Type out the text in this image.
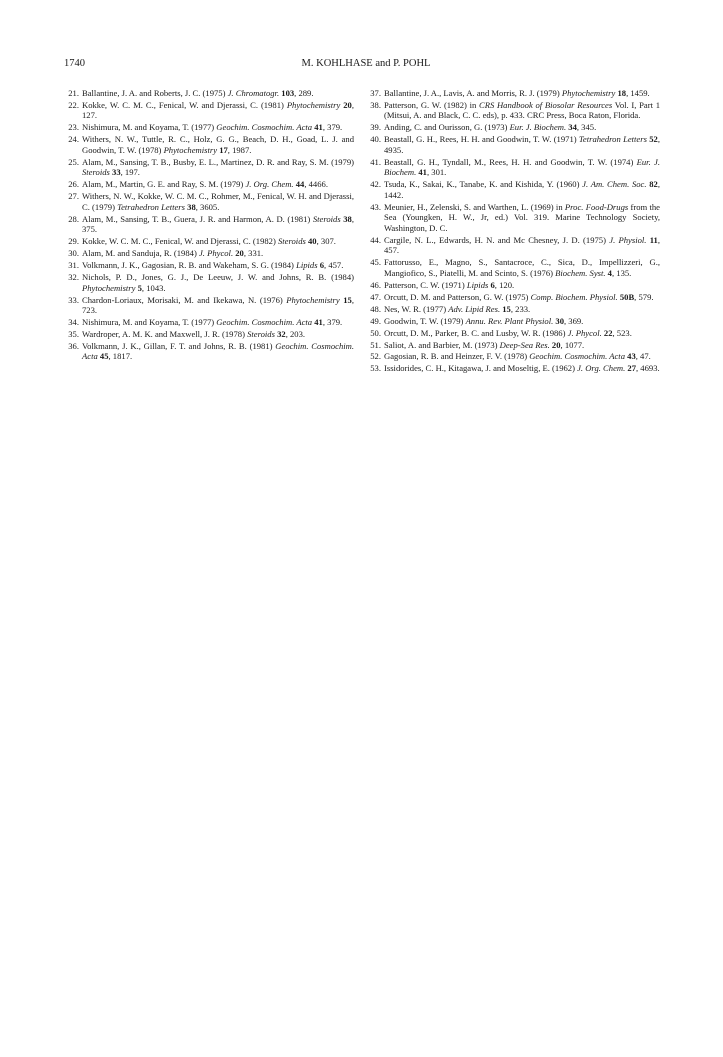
1740	M. KOHLHASE and P. POHL
21. Ballantine, J. A. and Roberts, J. C. (1975) J. Chromatogr. 103, 289.
22. Kokke, W. C. M. C., Fenical, W. and Djerassi, C. (1981) Phytochemistry 20, 127.
23. Nishimura, M. and Koyama, T. (1977) Geochim. Cosmochim. Acta 41, 379.
24. Withers, N. W., Tuttle, R. C., Holz, G. G., Beach, D. H., Goad, L. J. and Goodwin, T. W. (1978) Phytochemistry 17, 1987.
25. Alam, M., Sansing, T. B., Busby, E. L., Martinez, D. R. and Ray, S. M. (1979) Steroids 33, 197.
26. Alam, M., Martin, G. E. and Ray, S. M. (1979) J. Org. Chem. 44, 4466.
27. Withers, N. W., Kokke, W. C. M. C., Rohmer, M., Fenical, W. H. and Djerassi, C. (1979) Tetrahedron Letters 38, 3605.
28. Alam, M., Sansing, T. B., Guera, J. R. and Harmon, A. D. (1981) Steroids 38, 375.
29. Kokke, W. C. M. C., Fenical, W. and Djerassi, C. (1982) Steroids 40, 307.
30. Alam, M. and Sanduja, R. (1984) J. Phycol. 20, 331.
31. Volkmann, J. K., Gagosian, R. B. and Wakeham, S. G. (1984) Lipids 6, 457.
32. Nichols, P. D., Jones, G. J., De Leeuw, J. W. and Johns, R. B. (1984) Phytochemistry 5, 1043.
33. Chardon-Loriaux, Morisaki, M. and Ikekawa, N. (1976) Phytochemistry 15, 723.
34. Nishimura, M. and Koyama, T. (1977) Geochim. Cosmochim. Acta 41, 379.
35. Wardroper, A. M. K. and Maxwell, J. R. (1978) Steroids 32, 203.
36. Volkmann, J. K., Gillan, F. T. and Johns, R. B. (1981) Geochim. Cosmochim. Acta 45, 1817.
37. Ballantine, J. A., Lavis, A. and Morris, R. J. (1979) Phytochemistry 18, 1459.
38. Patterson, G. W. (1982) in CRS Handbook of Biosolar Resources Vol. I, Part 1 (Mitsui, A. and Black, C. C. eds), p. 433. CRC Press, Boca Raton, Florida.
39. Anding, C. and Ourisson, G. (1973) Eur. J. Biochem. 34, 345.
40. Beastall, G. H., Rees, H. H. and Goodwin, T. W. (1971) Tetrahedron Letters 52, 4935.
41. Beastall, G. H., Tyndall, M., Rees, H. H. and Goodwin, T. W. (1974) Eur. J. Biochem. 41, 301.
42. Tsuda, K., Sakai, K., Tanabe, K. and Kishida, Y. (1960) J. Am. Chem. Soc. 82, 1442.
43. Meunier, H., Zelenski, S. and Warthen, L. (1969) in Proc. Food-Drugs from the Sea (Youngken, H. W., Jr, ed.) Vol. 319. Marine Technology Society, Washington, D. C.
44. Cargile, N. L., Edwards, H. N. and Mc Chesney, J. D. (1975) J. Physiol. 11, 457.
45. Fattorusso, E., Magno, S., Santacroce, C., Sica, D., Impellizzeri, G., Mangiofico, S., Piatelli, M. and Scinto, S. (1976) Biochem. Syst. 4, 135.
46. Patterson, C. W. (1971) Lipids 6, 120.
47. Orcutt, D. M. and Patterson, G. W. (1975) Comp. Biochem. Physiol. 50B, 579.
48. Nes, W. R. (1977) Adv. Lipid Res. 15, 233.
49. Goodwin, T. W. (1979) Annu. Rev. Plant Physiol. 30, 369.
50. Orcutt, D. M., Parker, B. C. and Lusby, W. R. (1986) J. Phycol. 22, 523.
51. Saliot, A. and Barbier, M. (1973) Deep-Sea Res. 20, 1077.
52. Gagosian, R. B. and Heinzer, F. V. (1978) Geochim. Cosmochim. Acta 43, 47.
53. Issidorides, C. H., Kitagawa, J. and Moseltig, E. (1962) J. Org. Chem. 27, 4693.
